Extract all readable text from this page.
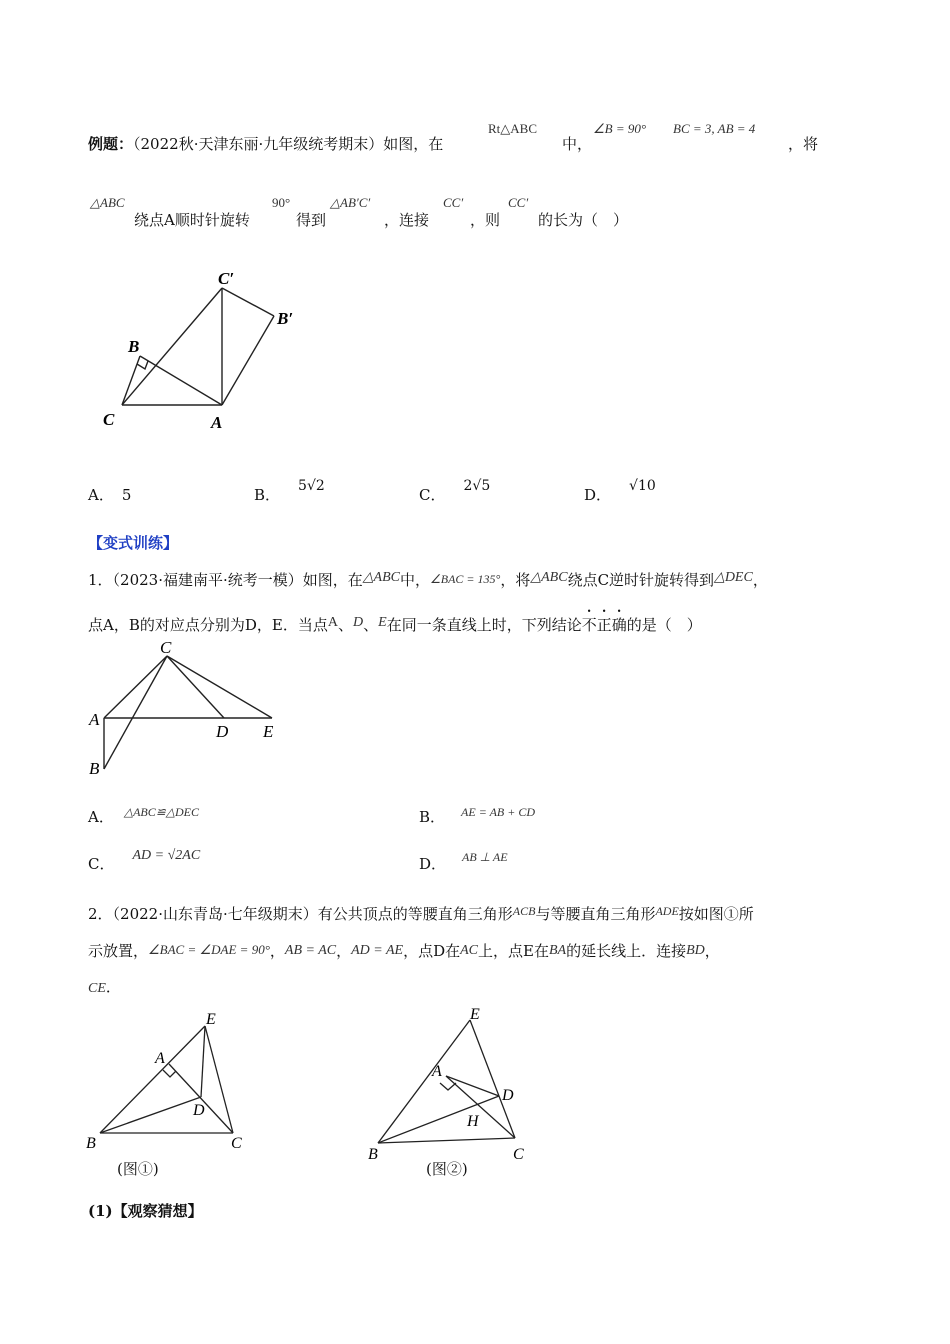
例题：（2022秋·天津东丽·九年级统考期末）如图，在
Rt△ABC
中，
∠B = 90° BC = 3, AB = 4
，将
△ABC
绕点A顺时针旋转
90°
得到
△AB′C′
，连接
CC′
，则
CC′
的长为（　）
C′
B′
B
C	A
A． 5	B． 5√2	C． 2√5	D． √10
【变式训练】
1．（2023·福建南平·统考一模）如图，在△ABC中，∠BAC = 135°，将△ABC绕点C逆时针旋转得到△DEC，
点A，B的对应点分别为D，E．当点A、D、E在同一条直线上时，下列结论不正确的是（　）
C
A
D E
B
A． $^{\triangle ABC≌\triangle DEC}$	B． $^{AE = AB + CD}$
C． AD = √2AC	D． $^{AB \perp AE}$
2．（2022·山东青岛·七年级期末）有公共顶点的等腰直角三角形$^{ACB}$与等腰直角三角形$^{ADE}$按如图①所
示放置，∠BAC = ∠DAE = 90°，AB = AC，AD = AE，点D在AC上，点E在BA的延长线上．连接BD，
CE．
E
A
D
B	C
E
A
D
H
B	C
(图①)	(图②)
(1)【观察猜想】
